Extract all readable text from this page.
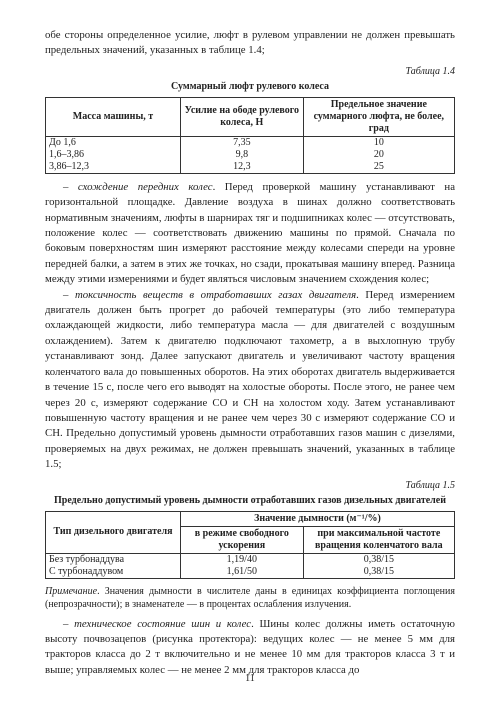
обе стороны определенное усилие, люфт в рулевом управлении не должен превышать предельных значений, указанных в таблице 1.4;

Таблица 1.4
Суммарный люфт рулевого колеса
Масса машины, т	Усилие на ободе рулевого колеса, Н	Предельное значение суммарного люфта, не более, град
До 1,6	7,35	10
1,6–3,86	9,8	20
3,86–12,3	12,3	25

– схождение передних колес. Перед проверкой машину устанавливают на горизонтальной площадке. Давление воздуха в шинах должно соответствовать нормативным значениям, люфты в шарнирах тяг и подшипниках колес — отсутствовать, положение колес — соответствовать движению машины по прямой. Сначала по боковым поверхностям шин измеряют расстояние между колесами спереди на уровне передней балки, а затем в этих же точках, но сзади, прокатывая машину вперед. Разница между этими измерениями и будет являться числовым значением схождения колес;

– токсичность веществ в отработавших газах двигателя. Перед измерением двигатель должен быть прогрет до рабочей температуры (это либо температура охлаждающей жидкости, либо температура масла — для двигателей с воздушным охлаждением). Затем к двигателю подключают тахометр, а в выхлопную трубу устанавливают зонд. Далее запускают двигатель и увеличивают частоту вращения коленчатого вала до повышенных оборотов. На этих оборотах двигатель выдерживается в течение 15 с, после чего его выводят на холостые обороты. После этого, не ранее чем через 20 с, измеряют содержание CO и CH на холостом ходу. Затем устанавливают повышенную частоту вращения и не ранее чем через 30 с измеряют содержание CO и CH. Предельно допустимый уровень дымности отработавших газов машин с дизелями, проверяемых на двух режимах, не должен превышать значений, указанных в таблице 1.5;

Таблица 1.5
Предельно допустимый уровень дымности отработавших газов дизельных двигателей
Тип дизельного двигателя	Значение дымности (м⁻¹/%)	
	в режиме свободного ускорения	при максимальной частоте вращения коленчатого вала
Без турбонаддува	1,19/40	0,38/15
С турбонаддувом	1,61/50	0,38/15

Примечание. Значения дымности в числителе даны в единицах коэффициента поглощения (непрозрачности); в знаменателе — в процентах ослабления излучения.

– техническое состояние шин и колес. Шины колес должны иметь остаточную высоту почвозацепов (рисунка протектора): ведущих колес — не менее 5 мм для тракторов класса до 2 т включительно и не менее 10 мм для тракторов класса 3 т и выше; управляемых колес — не менее 2 мм для тракторов класса до

11
